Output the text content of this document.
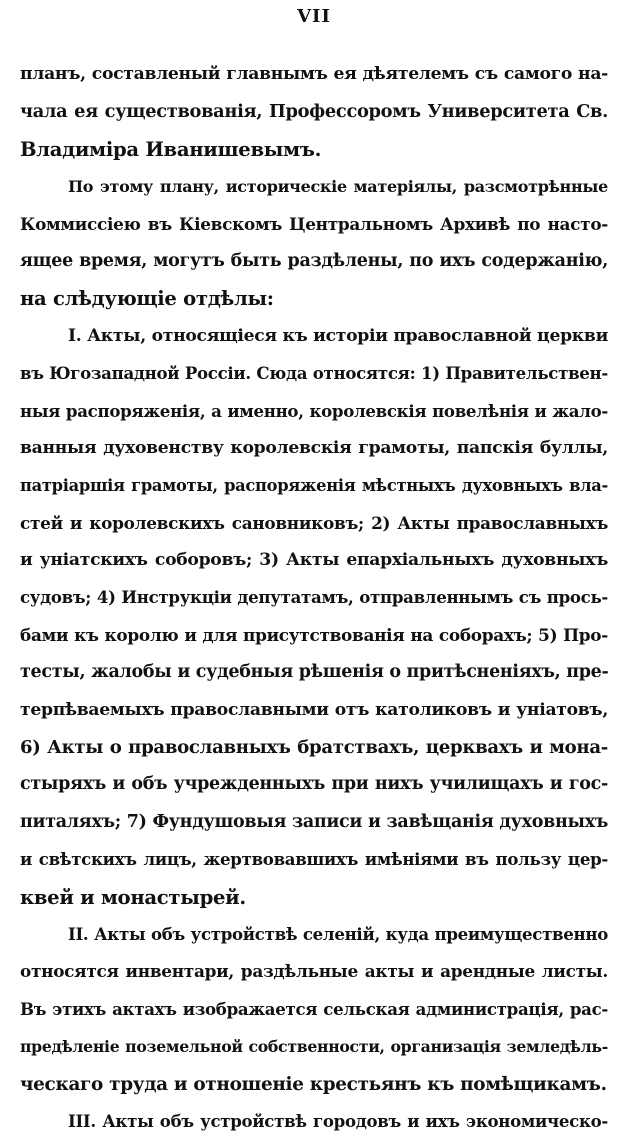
VII
планъ, составленый главнымъ ея дѣятелемъ съ самого на-
чала ея существованія, Профессоромъ Университета Св.
Владиміра Иванишевымъ.
По этому плану, историческіе матеріялы, разсмотрѣнные
Коммиссіею въ Кіевскомъ Центральномъ Архивѣ по насто-
ящее время, могутъ быть раздѣлены, по ихъ содержанію,
на слѣдующіе отдѣлы:
I. Акты, относящіеся къ исторіи православной церкви
въ Югозападной Россіи. Сюда относятся: 1) Правительствен-
ныя распоряженія, а именно, королевскія повелѣнія и жало-
ванныя духовенству королевскія грамоты, папскія буллы,
патріаршія грамоты, распоряженія мѣстныхъ духовныхъ вла-
стей и королевскихъ сановниковъ; 2) Акты православныхъ
и уніатскихъ соборовъ; 3) Акты епархіальныхъ духовныхъ
судовъ; 4) Инструкціи депутатамъ, отправленнымъ съ прось-
бами къ королю и для присутствованія на соборахъ; 5) Про-
тесты, жалобы и судебныя рѣшенія о притѣсненіяхъ, пре-
терпѣваемыхъ православными отъ католиковъ и уніатовъ,
6) Акты о православныхъ братствахъ, церквахъ и мона-
стыряхъ и объ учрежденныхъ при нихъ училищахъ и гос-
питаляхъ; 7) Фундушовыя записи и завѣщанія духовныхъ
и свѣтскихъ лицъ, жертвовавшихъ имѣніями въ пользу цер-
квей и монастырей.
II. Акты объ устройствѣ селеній, куда преимущественно
относятся инвентари, раздѣльные акты и арендные листы.
Въ этихъ актахъ изображается сельская администрація, рас-
предѣленіе поземельной собственности, организація земледѣль-
ческаго труда и отношеніе крестьянъ къ помѣщикамъ.
III. Акты объ устройствѣ городовъ и ихъ экономическо-
